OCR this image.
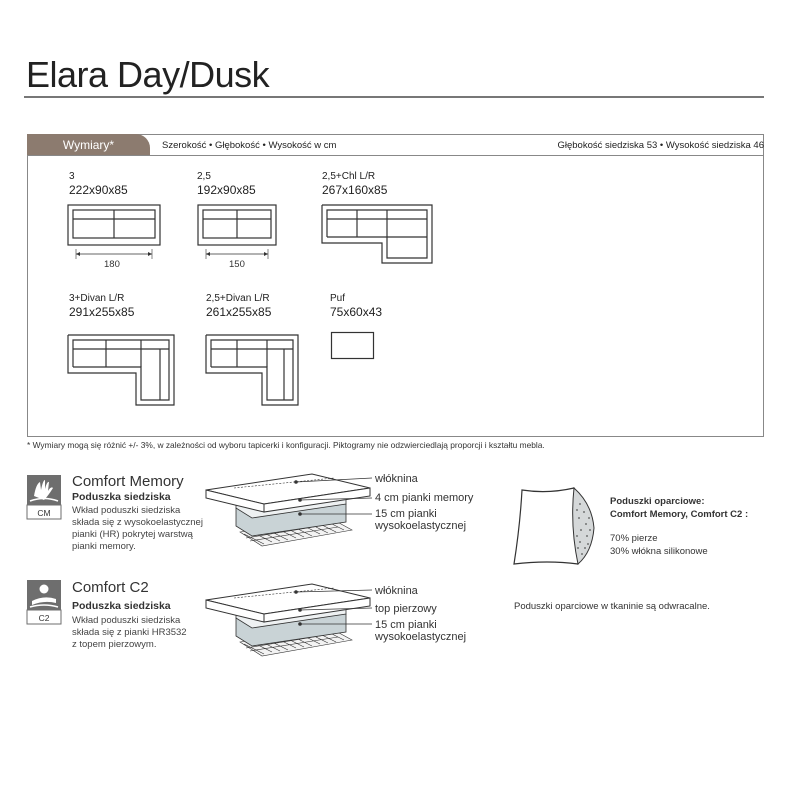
Elara Day/Dusk
Wymiary*	Szerokość • Głębokość • Wysokość w cm	Głębokość siedziska 53 • Wysokość siedziska 46
3
222x90x85
180
2,5
192x90x85
150
2,5+Chl L/R
267x160x85
3+Divan L/R
291x255x85
2,5+Divan L/R
261x255x85
Puf
75x60x43
* Wymiary mogą się różnić +/- 3%, w zależności od wyboru tapicerki i konfiguracji. Piktogramy nie odzwierciedlają proporcji i kształtu mebla.
CM
Comfort Memory
Poduszka siedziska
Wkład poduszki siedziska
składa się z wysokoelastycznej
pianki (HR) pokrytej warstwą
pianki memory.
włóknina
4 cm pianki memory
15 cm pianki
wysokoelastycznej
Poduszki oparciowe:
Comfort Memory, Comfort C2 :
70% pierze
30% włókna silikonowe
C2
Comfort C2
Poduszka siedziska
Wkład poduszki siedziska
składa się z pianki HR3532
z topem pierzowym.
włóknina
top pierzowy
15 cm pianki
wysokoelastycznej
Poduszki oparciowe w tkaninie są odwracalne.
